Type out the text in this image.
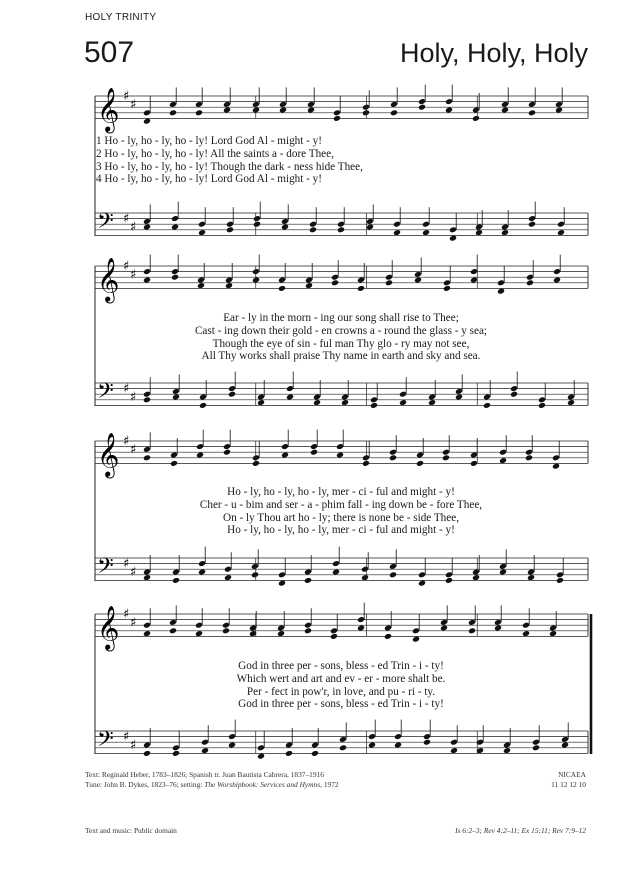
HOLY TRINITY
507	Holy, Holy, Holy
𝄞 ♯
♯
𝄢 ♯
♯
1 Ho - ly, ho - ly, ho - ly! Lord God Al - might - y!
2 Ho - ly, ho - ly, ho - ly! All the saints a - dore Thee,
3 Ho - ly, ho - ly, ho - ly! Though the dark - ness hide Thee,
4 Ho - ly, ho - ly, ho - ly! Lord God Al - might - y!
𝄞 ♯
♯
𝄢 ♯
♯
Ear - ly in the morn - ing our song shall rise to Thee;
Cast - ing down their gold - en crowns a - round the glass - y sea;
Though the eye of sin - ful man Thy glo - ry may not see,
All Thy works shall praise Thy name in earth and sky and sea.
𝄞 ♯
♯
𝄢 ♯
♯
Ho - ly, ho - ly, ho - ly, mer - ci - ful and might - y!
Cher - u - bim and ser - a - phim fall - ing down be - fore Thee,
On - ly Thou art ho - ly; there is none be - side Thee,
Ho - ly, ho - ly, ho - ly, mer - ci - ful and might - y!
𝄞 ♯
♯
𝄢 ♯
♯
God in three per - sons, bless - ed Trin - i - ty!
Which wert and art and ev - er - more shalt be.
Per - fect in pow'r, in love, and pu - ri - ty.
God in three per - sons, bless - ed Trin - i - ty!
Text: Reginald Heber, 1783–1826; Spanish tr. Juan Bautista Cabrera, 1837–1916
Tune: John B. Dykes, 1823–76; setting: The Worshipbook: Services and Hymns, 1972
NICAEA
11 12 12 10
Text and music: Public domain	Is 6:2–3; Rev 4:2–11; Ex 15:11; Rev 7:9–12
